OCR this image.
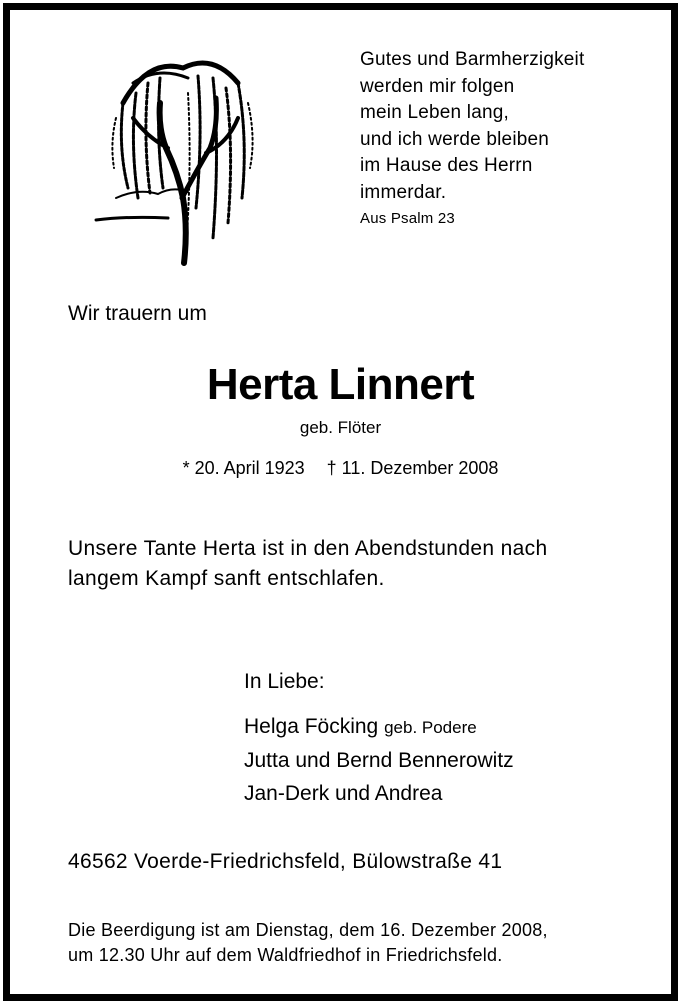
Gutes und Barmherzigkeit
werden mir folgen
mein Leben lang,
und ich werde bleiben
im Hause des Herrn
immerdar.
Aus Psalm 23
Wir trauern um
Herta Linnert
geb. Flöter
* 20. April 1923 † 11. Dezember 2008
Unsere Tante Herta ist in den Abendstunden nach
langem Kampf sanft entschlafen.
In Liebe:
Helga Föcking geb. Podere
Jutta und Bernd Bennerowitz
Jan-Derk und Andrea
46562 Voerde-Friedrichsfeld, Bülowstraße 41
Die Beerdigung ist am Dienstag, dem 16. Dezember 2008,
um 12.30 Uhr auf dem Waldfriedhof in Friedrichsfeld.
